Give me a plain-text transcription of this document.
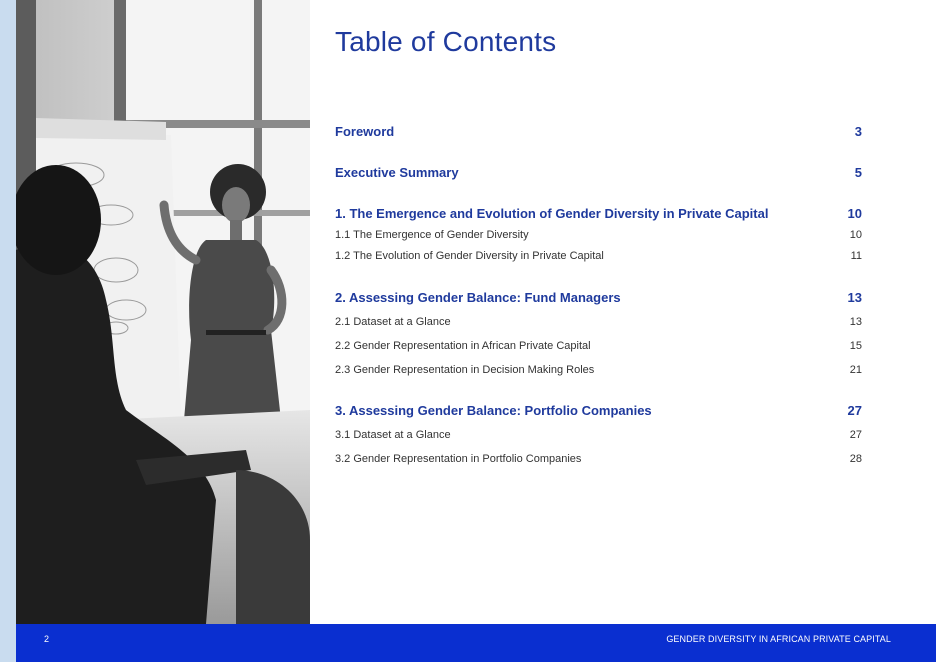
Table of Contents
Foreword	3
Executive Summary	5
1. The Emergence and Evolution of Gender Diversity in Private Capital	10
1.1 The Emergence of Gender Diversity	10
1.2 The Evolution of Gender Diversity in Private Capital	11
2. Assessing Gender Balance: Fund Managers	13
2.1 Dataset at a Glance	13
2.2 Gender Representation in African Private Capital	15
2.3 Gender Representation in Decision Making Roles	21
3. Assessing Gender Balance: Portfolio Companies	27
3.1 Dataset at a Glance	27
3.2 Gender Representation in Portfolio Companies	28
2	GENDER DIVERSITY IN AFRICAN PRIVATE CAPITAL
